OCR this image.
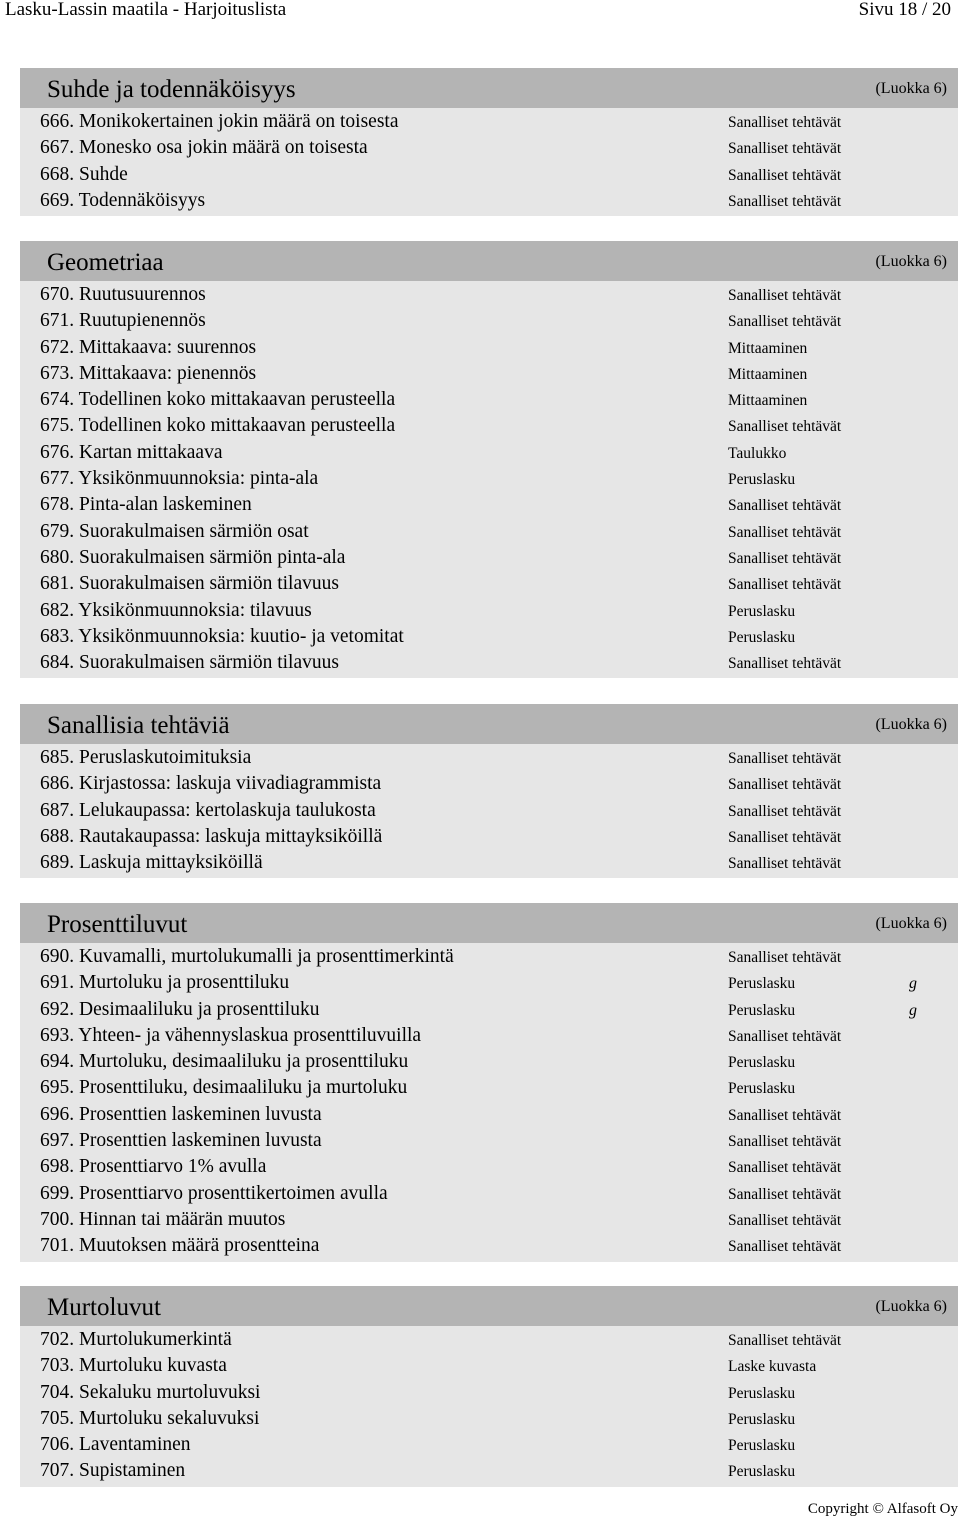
Lasku-Lassin maatila - Harjoituslista	Sivu 18 / 20
Suhde ja todennäköisyys	(Luokka 6)
666. Monikokertainen jokin määrä on toisesta	Sanalliset tehtävät
667. Monesko osa jokin määrä on toisesta	Sanalliset tehtävät
668. Suhde	Sanalliset tehtävät
669. Todennäköisyys	Sanalliset tehtävät
Geometriaa	(Luokka 6)
670. Ruutusuurennos	Sanalliset tehtävät
671. Ruutupienennös	Sanalliset tehtävät
672. Mittakaava: suurennos	Mittaaminen
673. Mittakaava: pienennös	Mittaaminen
674. Todellinen koko mittakaavan perusteella	Mittaaminen
675. Todellinen koko mittakaavan perusteella	Sanalliset tehtävät
676. Kartan mittakaava	Taulukko
677. Yksikönmuunnoksia: pinta-ala	Peruslasku
678. Pinta-alan laskeminen	Sanalliset tehtävät
679. Suorakulmaisen särmiön osat	Sanalliset tehtävät
680. Suorakulmaisen särmiön pinta-ala	Sanalliset tehtävät
681. Suorakulmaisen särmiön tilavuus	Sanalliset tehtävät
682. Yksikönmuunnoksia: tilavuus	Peruslasku
683. Yksikönmuunnoksia: kuutio- ja vetomitat	Peruslasku
684. Suorakulmaisen särmiön tilavuus	Sanalliset tehtävät
Sanallisia tehtäviä	(Luokka 6)
685. Peruslaskutoimituksia	Sanalliset tehtävät
686. Kirjastossa: laskuja viivadiagrammista	Sanalliset tehtävät
687. Lelukaupassa: kertolaskuja taulukosta	Sanalliset tehtävät
688. Rautakaupassa: laskuja mittayksiköillä	Sanalliset tehtävät
689. Laskuja mittayksiköillä	Sanalliset tehtävät
Prosenttiluvut	(Luokka 6)
690. Kuvamalli, murtolukumalli ja prosenttimerkintä	Sanalliset tehtävät
691. Murtoluku ja prosenttiluku	Peruslasku	g
692. Desimaaliluku ja prosenttiluku	Peruslasku	g
693. Yhteen- ja vähennyslaskua prosenttiluvuilla	Sanalliset tehtävät
694. Murtoluku, desimaaliluku ja prosenttiluku	Peruslasku
695. Prosenttiluku, desimaaliluku ja murtoluku	Peruslasku
696. Prosenttien laskeminen luvusta	Sanalliset tehtävät
697. Prosenttien laskeminen luvusta	Sanalliset tehtävät
698. Prosenttiarvo 1% avulla	Sanalliset tehtävät
699. Prosenttiarvo prosenttikertoimen avulla	Sanalliset tehtävät
700. Hinnan tai määrän muutos	Sanalliset tehtävät
701. Muutoksen määrä prosentteina	Sanalliset tehtävät
Murtoluvut	(Luokka 6)
702. Murtolukumerkintä	Sanalliset tehtävät
703. Murtoluku kuvasta	Laske kuvasta
704. Sekaluku murtoluvuksi	Peruslasku
705. Murtoluku sekaluvuksi	Peruslasku
706. Laventaminen	Peruslasku
707. Supistaminen	Peruslasku
Copyright © Alfasoft Oy
